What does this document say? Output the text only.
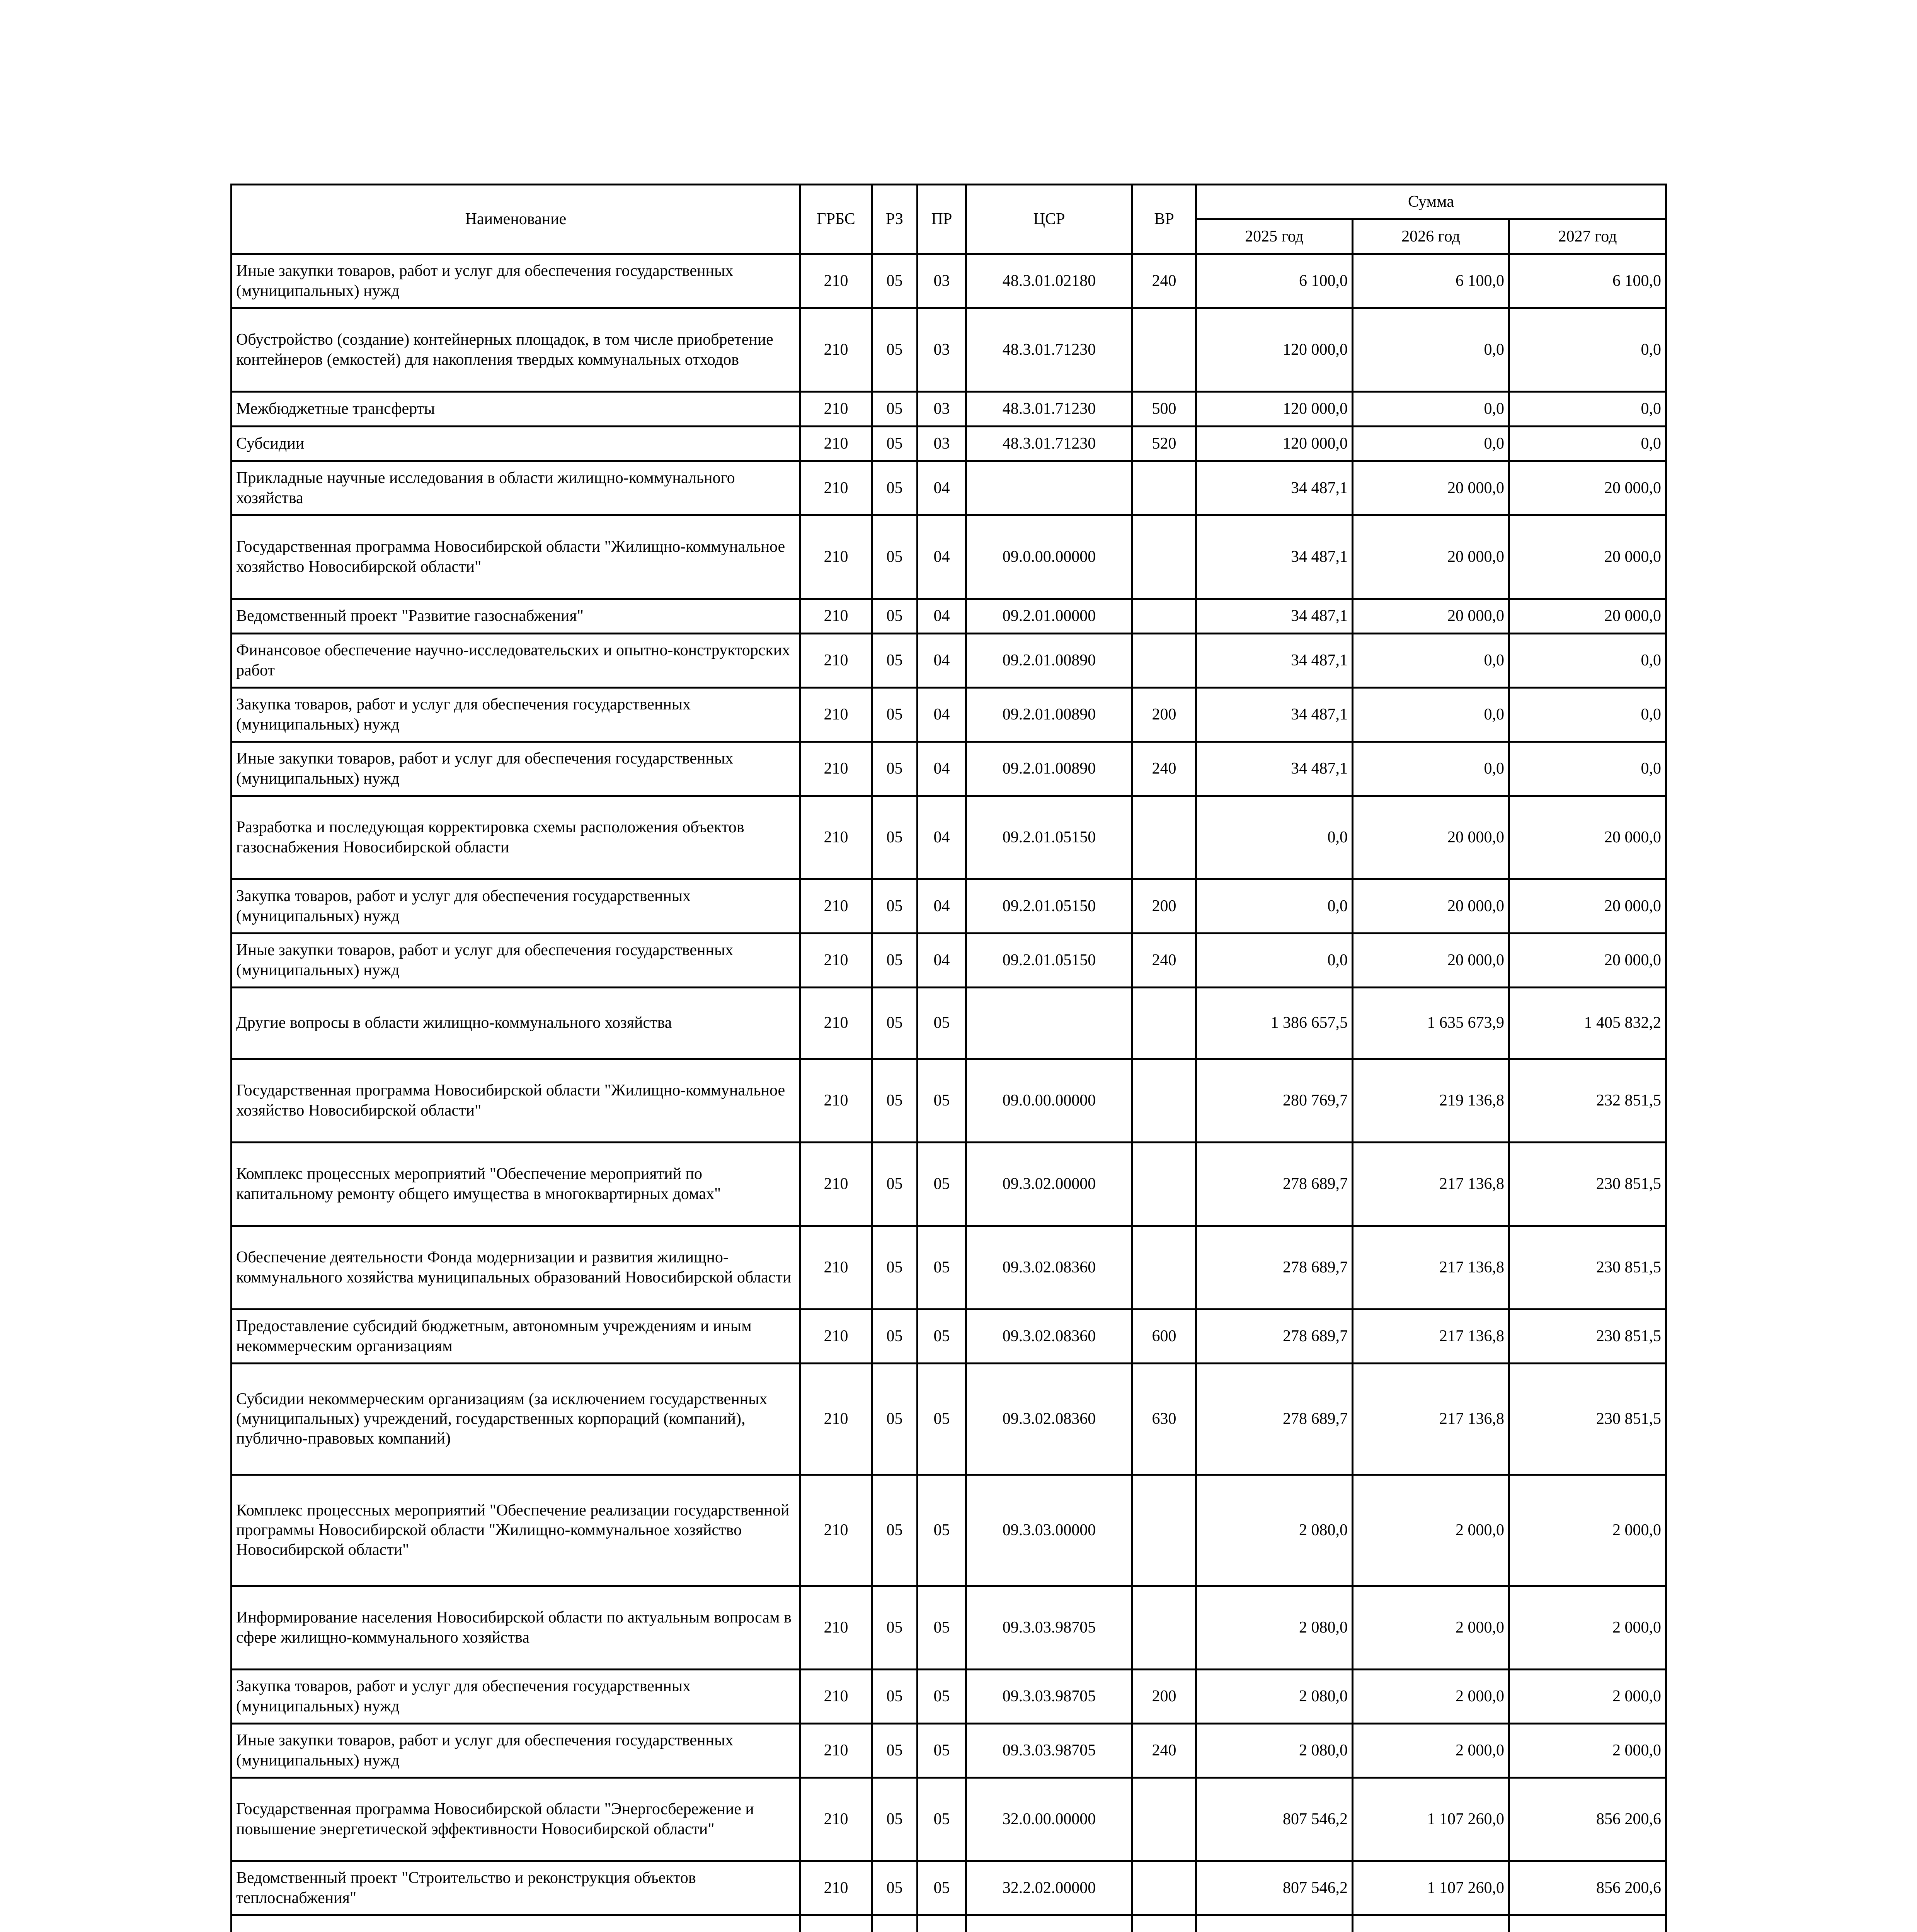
Наименование	ГРБС	РЗ	ПР	ЦСР	ВР	Сумма		
						2025 год	2026 год	2027 год
Иные закупки товаров, работ и услуг для обеспечения государственных (муниципальных) нужд	210	05	03	48.3.01.02180	240	6 100,0	6 100,0	6 100,0
Обустройство (создание) контейнерных площадок, в том числе приобретение контейнеров (емкостей) для накопления твердых коммунальных отходов	210	05	03	48.3.01.71230		120 000,0	0,0	0,0
Межбюджетные трансферты	210	05	03	48.3.01.71230	500	120 000,0	0,0	0,0
Субсидии	210	05	03	48.3.01.71230	520	120 000,0	0,0	0,0
Прикладные научные исследования в области жилищно-коммунального хозяйства	210	05	04			34 487,1	20 000,0	20 000,0
Государственная программа Новосибирской области "Жилищно-коммунальное хозяйство Новосибирской области"	210	05	04	09.0.00.00000		34 487,1	20 000,0	20 000,0
Ведомственный проект "Развитие газоснабжения"	210	05	04	09.2.01.00000		34 487,1	20 000,0	20 000,0
Финансовое обеспечение научно-исследовательских и опытно-конструкторских работ	210	05	04	09.2.01.00890		34 487,1	0,0	0,0
Закупка товаров, работ и услуг для обеспечения государственных (муниципальных) нужд	210	05	04	09.2.01.00890	200	34 487,1	0,0	0,0
Иные закупки товаров, работ и услуг для обеспечения государственных (муниципальных) нужд	210	05	04	09.2.01.00890	240	34 487,1	0,0	0,0
Разработка и последующая корректировка схемы расположения объектов газоснабжения Новосибирской области	210	05	04	09.2.01.05150		0,0	20 000,0	20 000,0
Закупка товаров, работ и услуг для обеспечения государственных (муниципальных) нужд	210	05	04	09.2.01.05150	200	0,0	20 000,0	20 000,0
Иные закупки товаров, работ и услуг для обеспечения государственных (муниципальных) нужд	210	05	04	09.2.01.05150	240	0,0	20 000,0	20 000,0
Другие вопросы в области жилищно-коммунального хозяйства	210	05	05			1 386 657,5	1 635 673,9	1 405 832,2
Государственная программа Новосибирской области "Жилищно-коммунальное хозяйство Новосибирской области"	210	05	05	09.0.00.00000		280 769,7	219 136,8	232 851,5
Комплекс процессных мероприятий "Обеспечение мероприятий по капитальному ремонту общего имущества в многоквартирных домах"	210	05	05	09.3.02.00000		278 689,7	217 136,8	230 851,5
Обеспечение деятельности Фонда модернизации и развития жилищно-коммунального хозяйства муниципальных образований Новосибирской области	210	05	05	09.3.02.08360		278 689,7	217 136,8	230 851,5
Предоставление субсидий бюджетным, автономным учреждениям и иным некоммерческим организациям	210	05	05	09.3.02.08360	600	278 689,7	217 136,8	230 851,5
Субсидии некоммерческим организациям (за исключением государственных (муниципальных) учреждений, государственных корпораций (компаний), публично-правовых компаний)	210	05	05	09.3.02.08360	630	278 689,7	217 136,8	230 851,5
Комплекс процессных мероприятий "Обеспечение реализации государственной программы Новосибирской области "Жилищно-коммунальное хозяйство Новосибирской области"	210	05	05	09.3.03.00000		2 080,0	2 000,0	2 000,0
Информирование населения Новосибирской области по актуальным вопросам в сфере жилищно-коммунального хозяйства	210	05	05	09.3.03.98705		2 080,0	2 000,0	2 000,0
Закупка товаров, работ и услуг для обеспечения государственных (муниципальных) нужд	210	05	05	09.3.03.98705	200	2 080,0	2 000,0	2 000,0
Иные закупки товаров, работ и услуг для обеспечения государственных (муниципальных) нужд	210	05	05	09.3.03.98705	240	2 080,0	2 000,0	2 000,0
Государственная программа Новосибирской области "Энергосбережение и повышение энергетической эффективности Новосибирской области"	210	05	05	32.0.00.00000		807 546,2	1 107 260,0	856 200,6
Ведомственный проект "Строительство и реконструкция объектов теплоснабжения"	210	05	05	32.2.02.00000		807 546,2	1 107 260,0	856 200,6
